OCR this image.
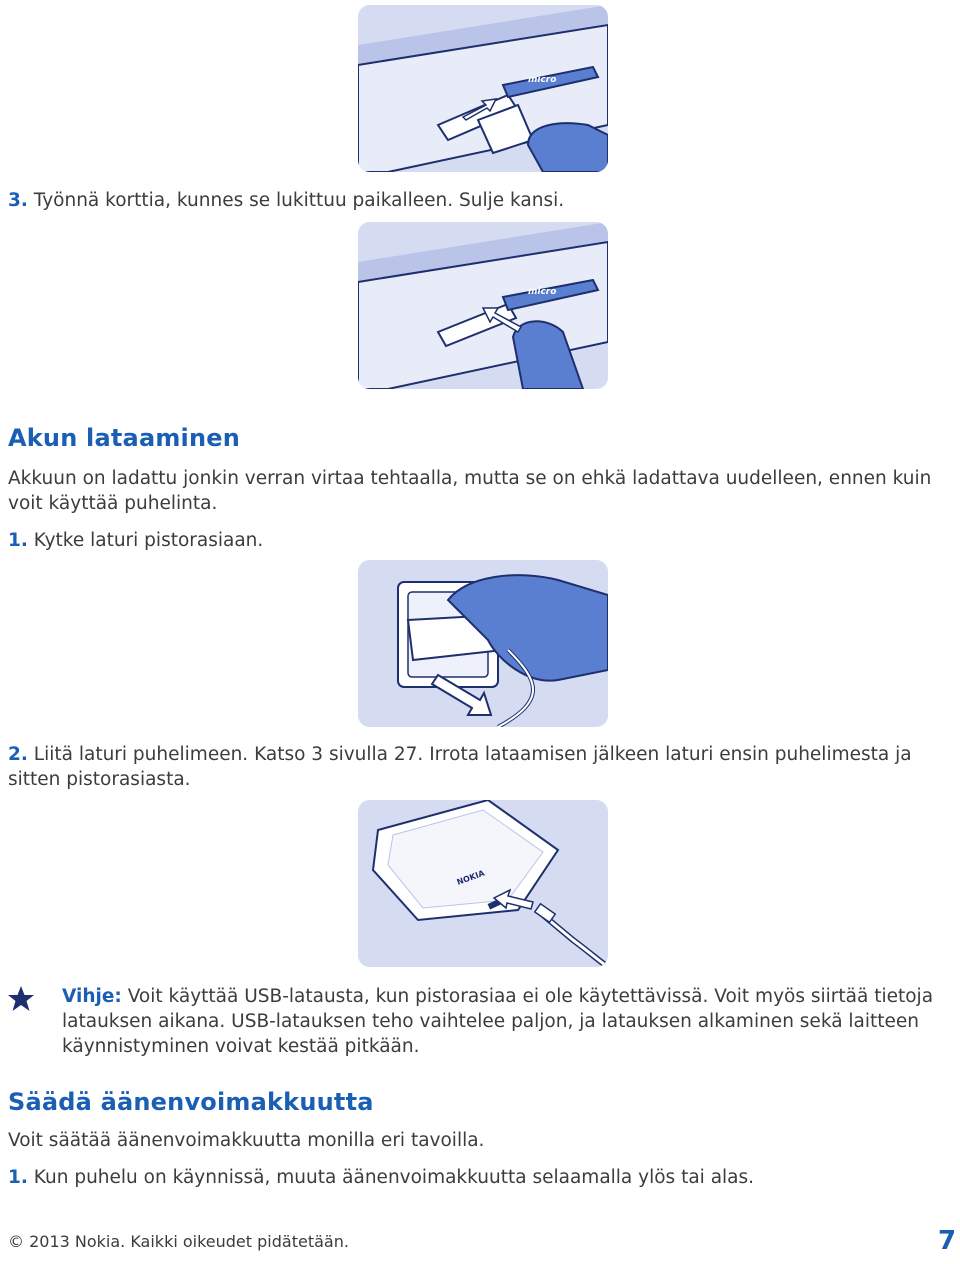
micro
3. Työnnä korttia, kunnes se lukittuu paikalleen. Sulje kansi.
micro
Akun lataaminen
Akkuun on ladattu jonkin verran virtaa tehtaalla, mutta se on ehkä ladattava uudelleen, ennen kuin
voit käyttää puhelinta.
1. Kytke laturi pistorasiaan.
2. Liitä laturi puhelimeen. Katso 3 sivulla 27. Irrota lataamisen jälkeen laturi ensin puhelimesta ja
sitten pistorasiasta.
NOKIA
Vihje: Voit käyttää USB-latausta, kun pistorasiaa ei ole käytettävissä. Voit myös siirtää tietoja
latauksen aikana. USB-latauksen teho vaihtelee paljon, ja latauksen alkaminen sekä laitteen
käynnistyminen voivat kestää pitkään.
Säädä äänenvoimakkuutta
Voit säätää äänenvoimakkuutta monilla eri tavoilla.
1. Kun puhelu on käynnissä, muuta äänenvoimakkuutta selaamalla ylös tai alas.
© 2013 Nokia. Kaikki oikeudet pidätetään.	7
